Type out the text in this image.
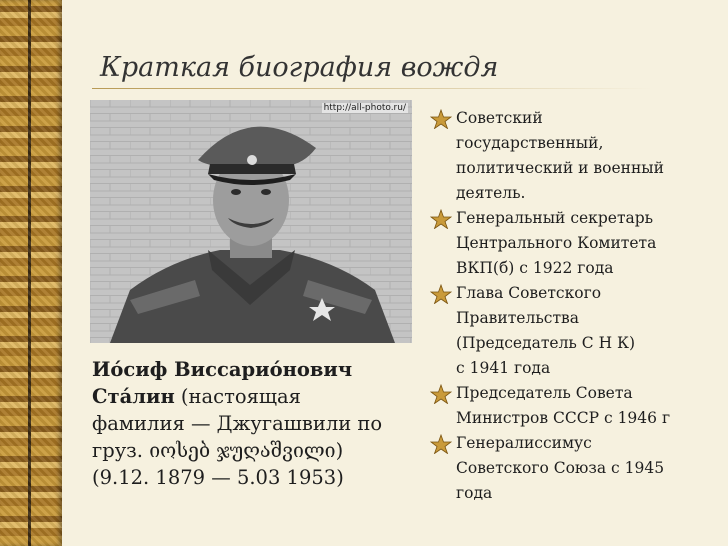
Краткая биография вождя
http://all-photo.ru/
Ио́сиф Виссарио́нович
Ста́лин (настоящая
фамилия — Джугашвили по
груз. იოსებ ჯუღაშვილი)
(9.12. 1879 — 5.03 1953)
Советский
государственный,
политический и военный
деятель.
Генеральный секретарь
Центрального Комитета
ВКП(б) с 1922 года
Глава Советского
Правительства
(Председатель С Н К)
с 1941 года
Председатель Совета
Министров СССР с 1946 г
Генералиссимус
Советского Союза с 1945
года
